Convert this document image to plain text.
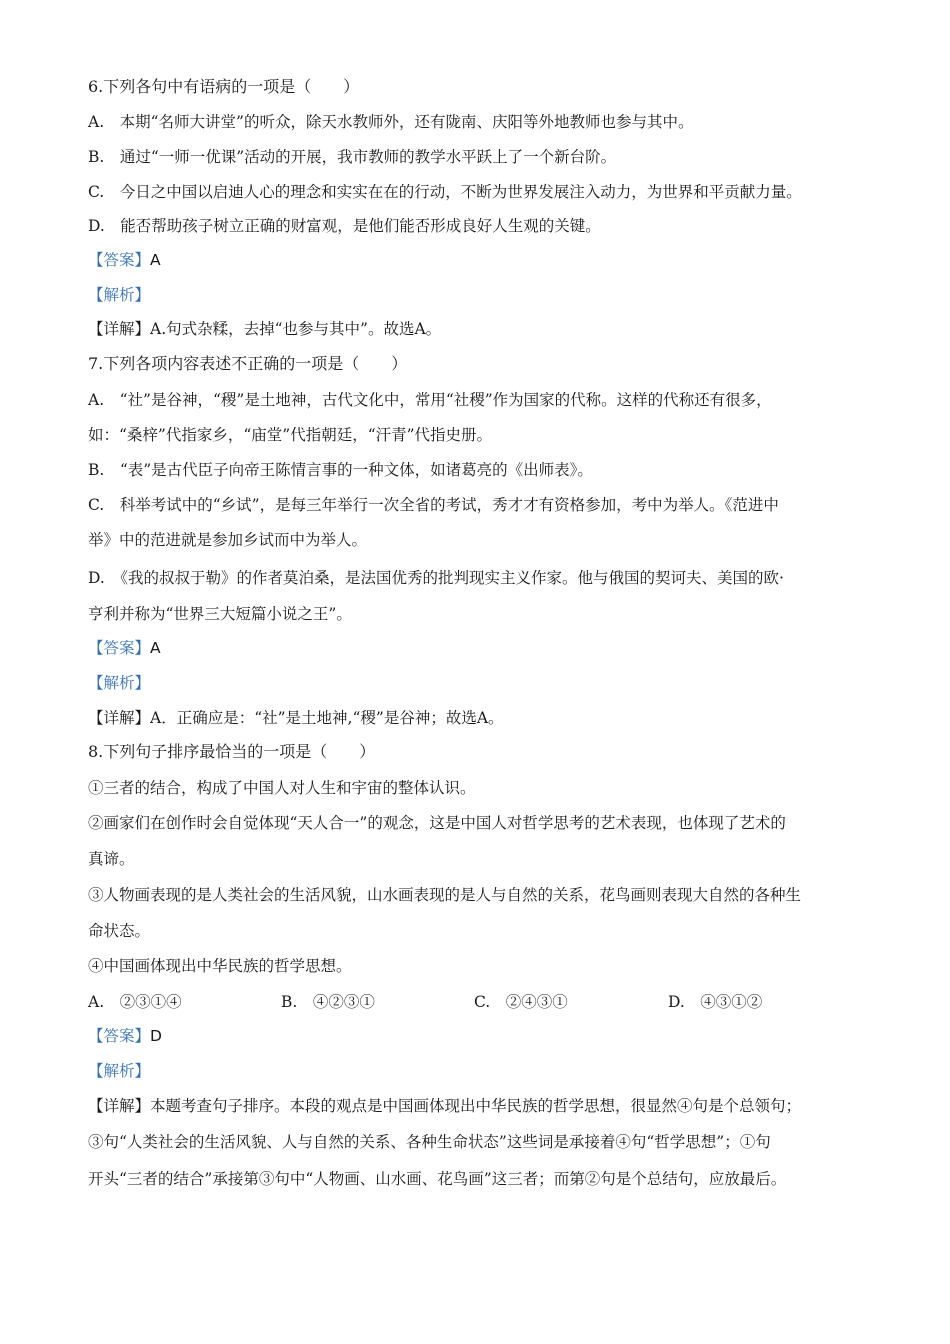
6.下列各句中有语病的一项是（　　）
A.　本期“名师大讲堂”的听众，除天水教师外，还有陇南、庆阳等外地教师也参与其中。
B.　通过“一师一优课”活动的开展，我市教师的教学水平跃上了一个新台阶。
C.　今日之中国以启迪人心的理念和实实在在的行动，不断为世界发展注入动力，为世界和平贡献力量。
D.　能否帮助孩子树立正确的财富观，是他们能否形成良好人生观的关键。
【答案】A
【解析】
【详解】A.句式杂糅，去掉“也参与其中”。故选A。
7.下列各项内容表述不正确的一项是（　　）
A.　“社”是谷神，“稷”是土地神，古代文化中，常用“社稷”作为国家的代称。这样的代称还有很多，
如：“桑梓”代指家乡，“庙堂”代指朝廷，“汗青”代指史册。
B.　“表”是古代臣子向帝王陈情言事的一种文体，如诸葛亮的《出师表》。
C.　科举考试中的“乡试”，是每三年举行一次全省的考试，秀才才有资格参加，考中为举人。《范进中
举》中的范进就是参加乡试而中为举人。
D.　《我的叔叔于勒》的作者莫泊桑，是法国优秀的批判现实主义作家。他与俄国的契诃夫、美国的欧·
亨利并称为“世界三大短篇小说之王”。
【答案】A
【解析】
【详解】A．正确应是：“社”是土地神,“稷”是谷神；故选A。
8.下列句子排序最恰当的一项是（　　）
①三者的结合，构成了中国人对人生和宇宙的整体认识。
②画家们在创作时会自觉体现“天人合一”的观念，这是中国人对哲学思考的艺术表现，也体现了艺术的
真谛。
③人物画表现的是人类社会的生活风貌，山水画表现的是人与自然的关系，花鸟画则表现大自然的各种生
命状态。
④中国画体现出中华民族的哲学思想。
A.　②③①④	B.　④②③①	C.　②④③①	D.　④③①②
【答案】D
【解析】
【详解】本题考查句子排序。本段的观点是中国画体现出中华民族的哲学思想，很显然④句是个总领句；
③句“人类社会的生活风貌、人与自然的关系、各种生命状态”这些词是承接着④句“哲学思想”；①句
开头“三者的结合”承接第③句中“人物画、山水画、花鸟画”这三者；而第②句是个总结句，应放最后。
